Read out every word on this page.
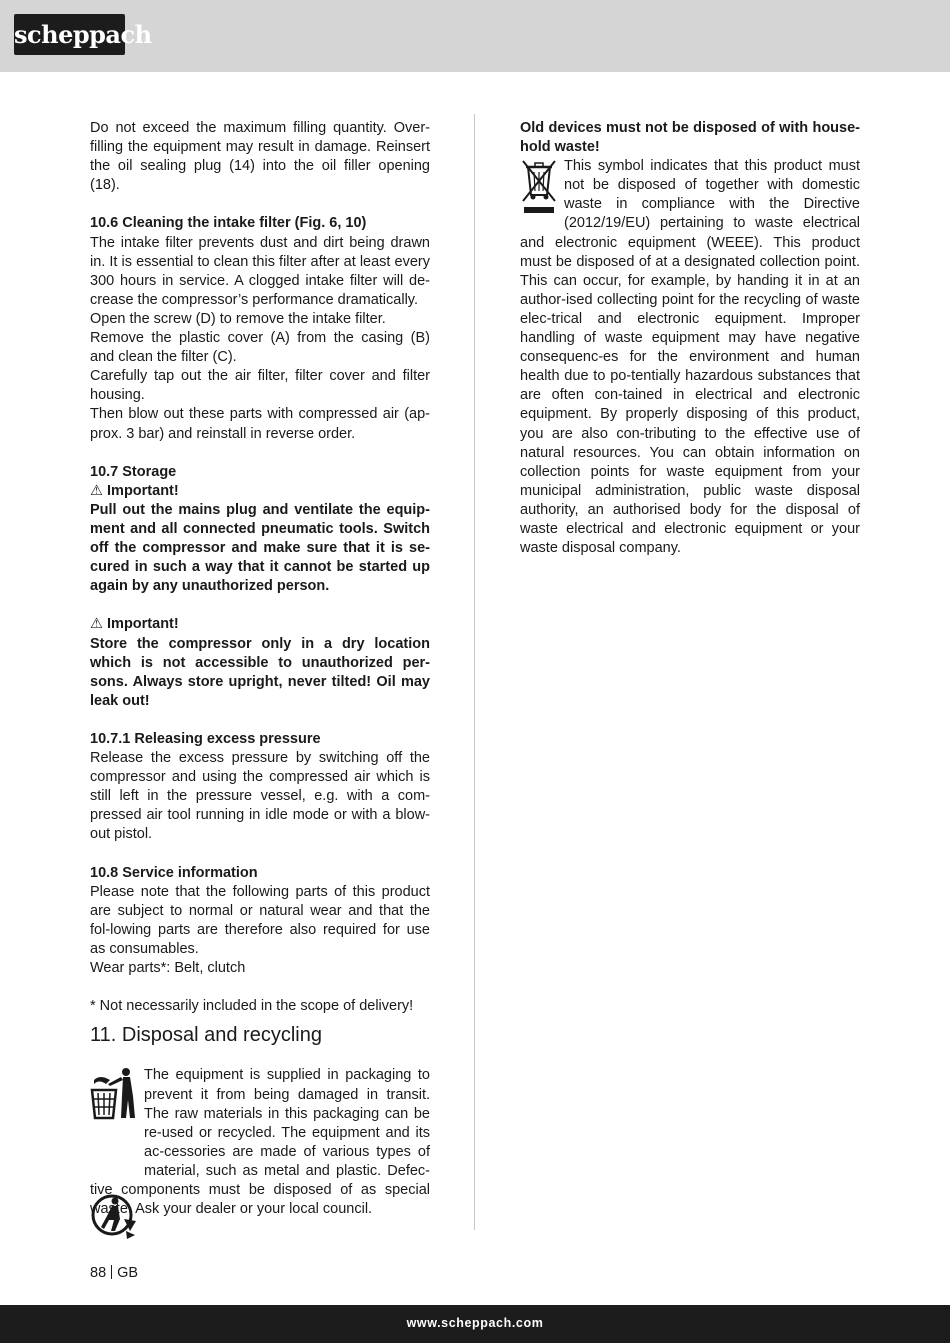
scheppach

Do not exceed the maximum filling quantity. Over-filling the equipment may result in damage. Reinsert the oil sealing plug (14) into the oil filler opening (18).

10.6 Cleaning the intake filter (Fig. 6, 10)

The intake filter prevents dust and dirt being drawn in. It is essential to clean this filter after at least every 300 hours in service. A clogged intake filter will de-crease the compressor’s performance dramatically.

Open the screw (D) to remove the intake filter.

Remove the plastic cover (A) from the casing (B) and clean the filter (C).

Carefully tap out the air filter, filter cover and filter housing.

Then blow out these parts with compressed air (ap-prox. 3 bar) and reinstall in reverse order.

10.7 Storage

⚠ Important!

Pull out the mains plug and ventilate the equip-ment and all connected pneumatic tools. Switch off the compressor and make sure that it is se-cured in such a way that it cannot be started up again by any unauthorized person.

⚠ Important!

Store the compressor only in a dry location which is not accessible to unauthorized per-sons. Always store upright, never tilted! Oil may leak out!

10.7.1 Releasing excess pressure

Release the excess pressure by switching off the compressor and using the compressed air which is still left in the pressure vessel, e.g. with a com-pressed air tool running in idle mode or with a blow-out pistol.

10.8 Service information

Please note that the following parts of this product are subject to normal or natural wear and that the fol-lowing parts are therefore also required for use as consumables.

Wear parts*: Belt, clutch

* Not necessarily included in the scope of delivery!

11. Disposal and recycling

The equipment is supplied in packaging to prevent it from being damaged in transit. The raw materials in this packaging can be re-used or recycled. The equipment and its ac-cessories are made of various types of material, such as metal and plastic. Defec-tive components must be disposed of as special waste. Ask your dealer or your local council.

Old devices must not be disposed of with house-hold waste!

This symbol indicates that this product must not be disposed of together with domestic waste in compliance with the Directive (2012/19/EU) pertaining to waste electrical and electronic equipment (WEEE). This product must be disposed of at a designated collection point. This can occur, for example, by handing it in at an author-ised collecting point for the recycling of waste elec-trical and electronic equipment. Improper handling of waste equipment may have negative consequenc-es for the environment and human health due to po-tentially hazardous substances that are often con-tained in electrical and electronic equipment. By properly disposing of this product, you are also con-tributing to the effective use of natural resources. You can obtain information on collection points for waste equipment from your municipal administration, public waste disposal authority, an authorised body for the disposal of waste electrical and electronic equipment or your waste disposal company.

88 GB
www.scheppach.com
